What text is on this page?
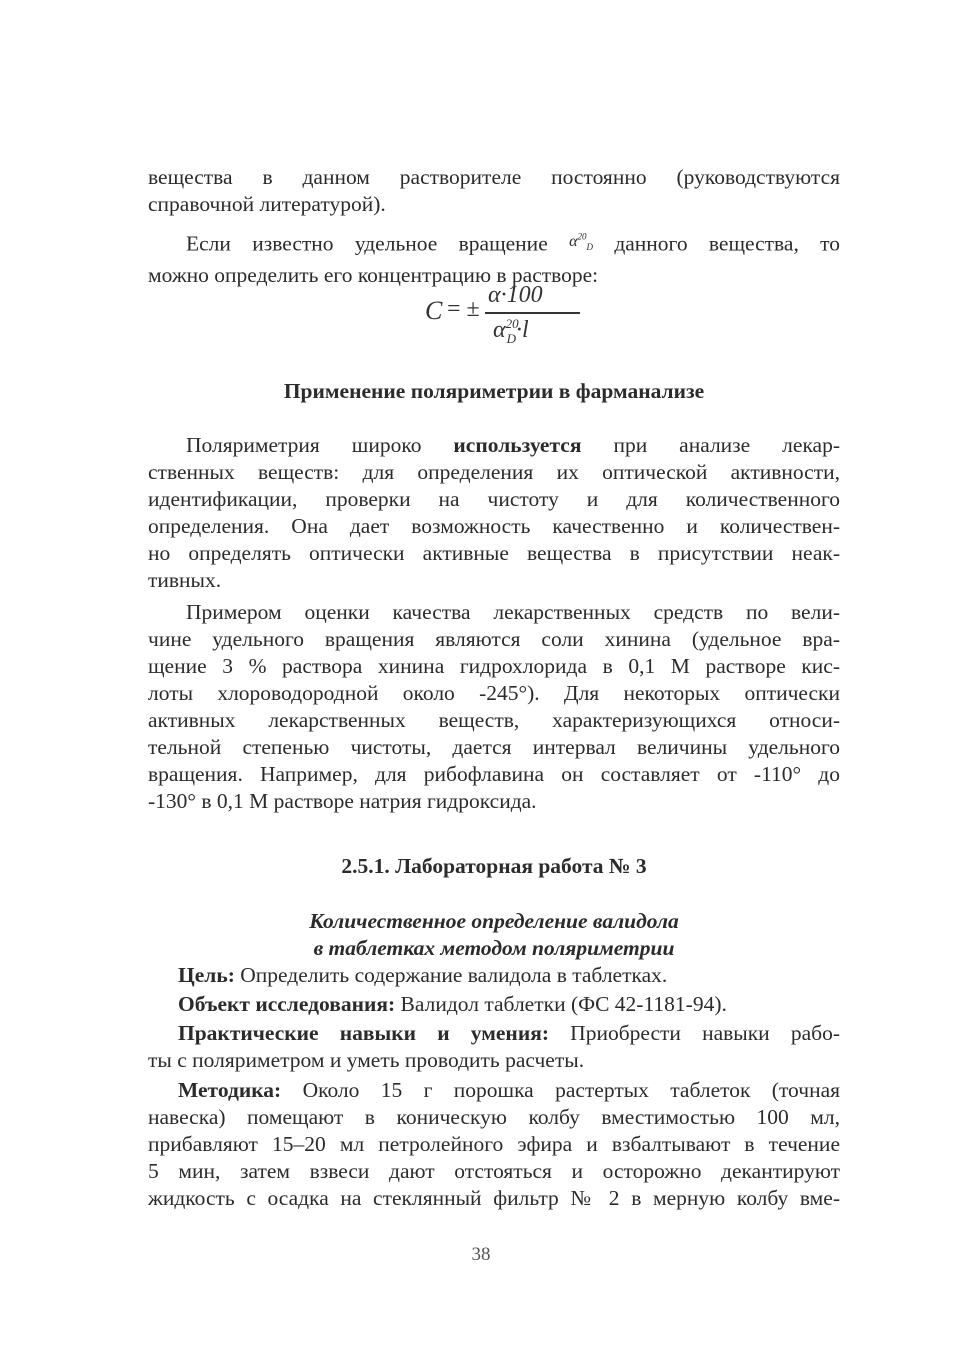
вещества в данном растворителе постоянно (руководствуются
справочной литературой).
Если известно удельное вращение $\alpha^{20}_D$ данного вещества, то
можно определить его концентрацию в растворе:
C = ±
α·100
$\alpha^{20}_D\cdot l$
Применение поляриметрии в фарманализе
Поляриметрия широко используется при анализе лекар-
ственных веществ: для определения их оптической активности,
идентификации, проверки на чистоту и для количественного
определения. Она дает возможность качественно и количествен-
но определять оптически активные вещества в присутствии неак-
тивных.
Примером оценки качества лекарственных средств по вели-
чине удельного вращения являются соли хинина (удельное вра-
щение 3 % раствора хинина гидрохлорида в 0,1 М растворе кис-
лоты хлороводородной около -245°). Для некоторых оптически
активных лекарственных веществ, характеризующихся относи-
тельной степенью чистоты, дается интервал величины удельного
вращения. Например, для рибофлавина он составляет от -110° до
-130° в 0,1 М растворе натрия гидроксида.
2.5.1. Лабораторная работа № 3
Количественное определение валидола
в таблетках методом поляриметрии
Цель: Определить содержание валидола в таблетках.
Объект исследования: Валидол таблетки (ФС 42-1181-94).
Практические навыки и умения: Приобрести навыки рабо-
ты с поляриметром и уметь проводить расчеты.
Методика: Около 15 г порошка растертых таблеток (точная
навеска) помещают в коническую колбу вместимостью 100 мл,
прибавляют 15–20 мл петролейного эфира и взбалтывают в течение
5 мин, затем взвеси дают отстояться и осторожно декантируют
жидкость с осадка на стеклянный фильтр № 2 в мерную колбу вме-
38
